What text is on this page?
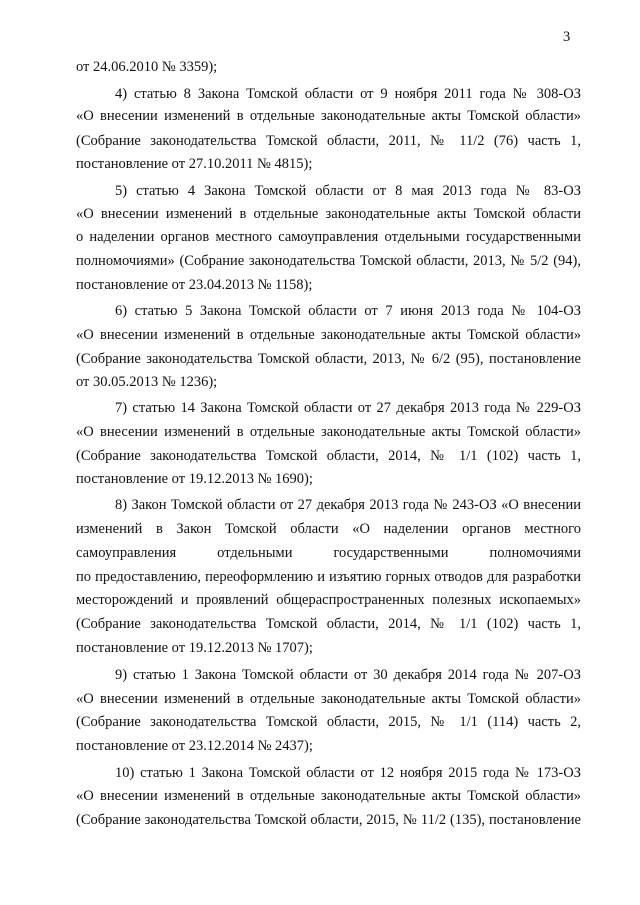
3
от 24.06.2010 № 3359);
4) статью 8 Закона Томской области от 9 ноября 2011 года № 308-ОЗ
«О внесении изменений в отдельные законодательные акты Томской области»
(Собрание законодательства Томской области, 2011, № 11/2 (76) часть 1,
постановление от 27.10.2011 № 4815);
5) статью 4 Закона Томской области от 8 мая 2013 года № 83-ОЗ
«О внесении изменений в отдельные законодательные акты Томской области
о наделении органов местного самоуправления отдельными государственными
полномочиями» (Собрание законодательства Томской области, 2013, № 5/2 (94),
постановление от 23.04.2013 № 1158);
6) статью 5 Закона Томской области от 7 июня 2013 года № 104-ОЗ
«О внесении изменений в отдельные законодательные акты Томской области»
(Собрание законодательства Томской области, 2013, № 6/2 (95), постановление
от 30.05.2013 № 1236);
7) статью 14 Закона Томской области от 27 декабря 2013 года № 229-ОЗ
«О внесении изменений в отдельные законодательные акты Томской области»
(Собрание законодательства Томской области, 2014, № 1/1 (102) часть 1,
постановление от 19.12.2013 № 1690);
8) Закон Томской области от 27 декабря 2013 года № 243-ОЗ «О внесении
изменений в Закон Томской области «О наделении органов местного
самоуправления отдельными государственными полномочиями
по предоставлению, переоформлению и изъятию горных отводов для разработки
месторождений и проявлений общераспространенных полезных ископаемых»
(Собрание законодательства Томской области, 2014, № 1/1 (102) часть 1,
постановление от 19.12.2013 № 1707);
9) статью 1 Закона Томской области от 30 декабря 2014 года № 207-ОЗ
«О внесении изменений в отдельные законодательные акты Томской области»
(Собрание законодательства Томской области, 2015, № 1/1 (114) часть 2,
постановление от 23.12.2014 № 2437);
10) статью 1 Закона Томской области от 12 ноября 2015 года № 173-ОЗ
«О внесении изменений в отдельные законодательные акты Томской области»
(Собрание законодательства Томской области, 2015, № 11/2 (135), постановление
